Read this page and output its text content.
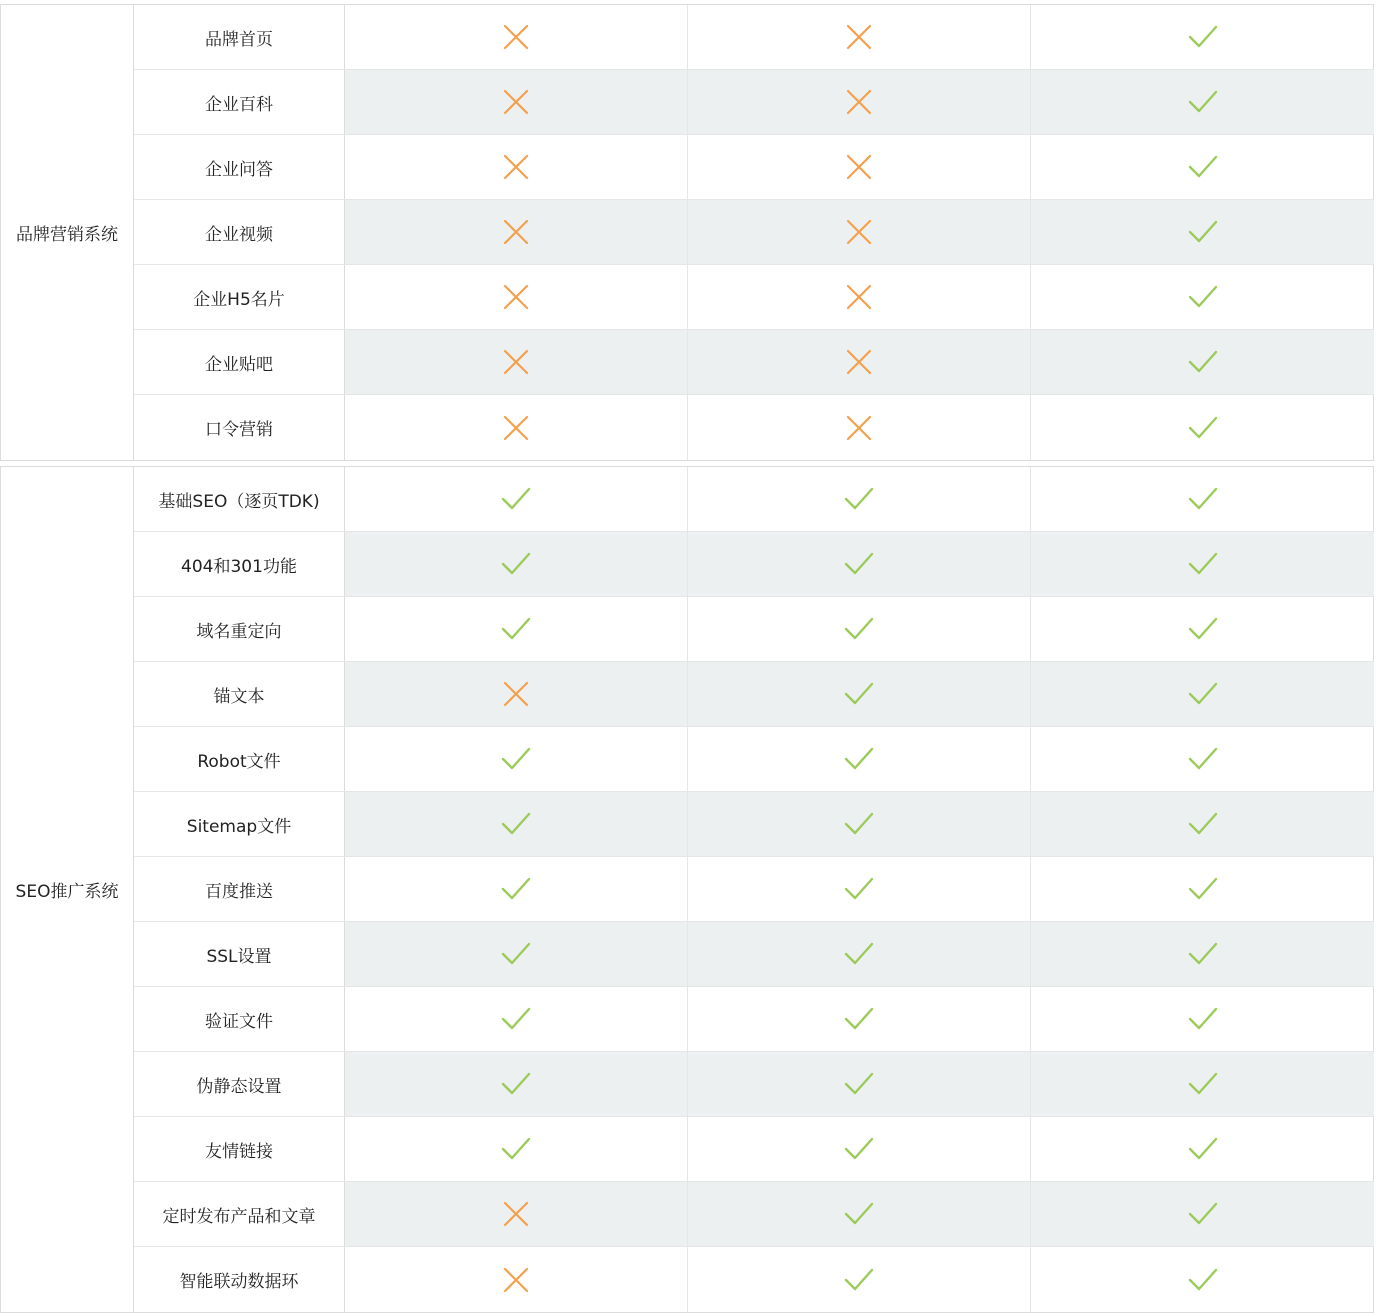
品牌营销系统
品牌首页
企业百科
企业问答
企业视频
企业H5名片
企业贴吧
口令营销
SEO推广系统
基础SEO（逐页TDK)
404和301功能
域名重定向
锚文本
Robot文件
Sitemap文件
百度推送
SSL设置
验证文件
伪静态设置
友情链接
定时发布产品和文章
智能联动数据环
